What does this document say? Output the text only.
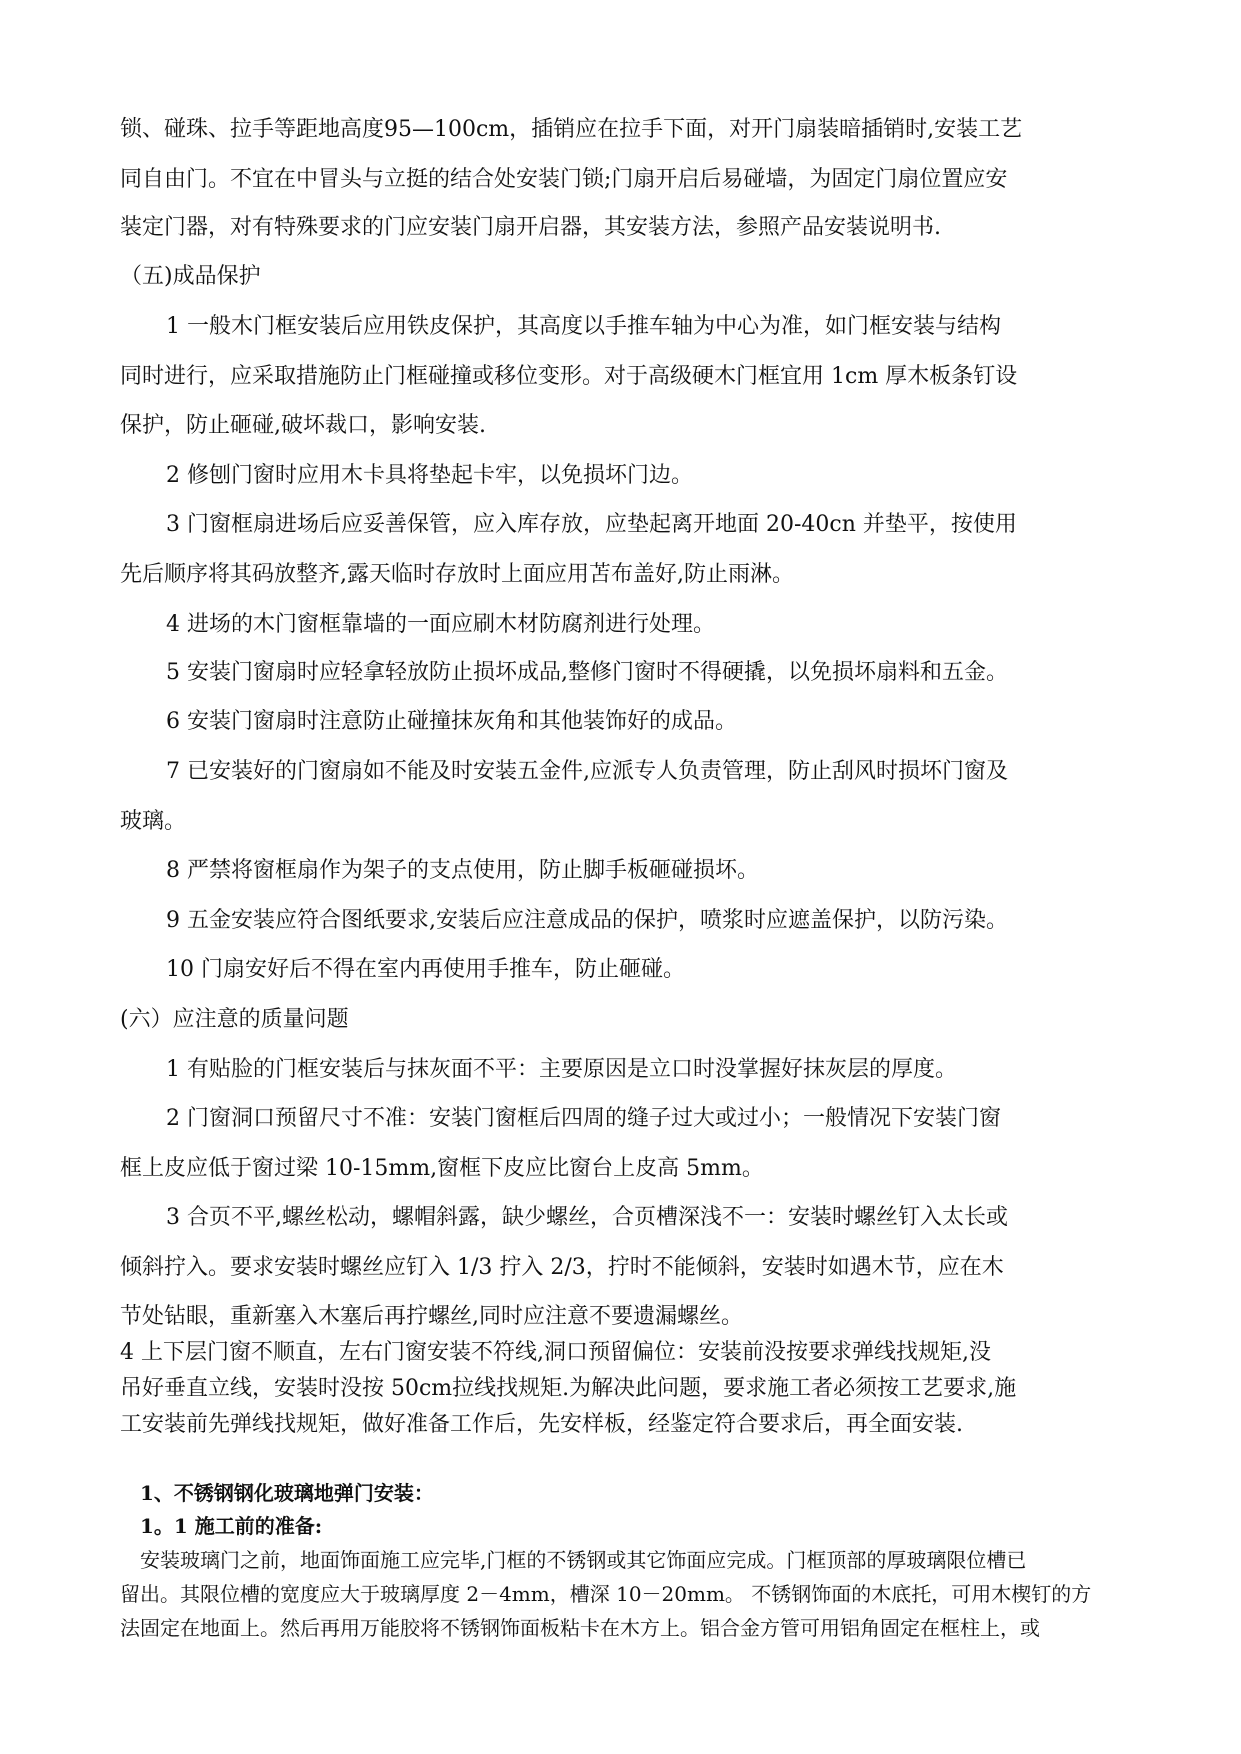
锁、碰珠、拉手等距地高度95—100cm，插销应在拉手下面，对开门扇装暗插销时,安装工艺
同自由门。不宜在中冒头与立挺的结合处安装门锁;门扇开启后易碰墙，为固定门扇位置应安
装定门器，对有特殊要求的门应安装门扇开启器，其安装方法，参照产品安装说明书.
（五)成品保护
1 一般木门框安装后应用铁皮保护，其高度以手推车轴为中心为准，如门框安装与结构
同时进行，应采取措施防止门框碰撞或移位变形。对于高级硬木门框宜用 1cm 厚木板条钉设
保护，防止砸碰,破坏裁口，影响安装.
2 修刨门窗时应用木卡具将垫起卡牢，以免损坏门边。
3 门窗框扇进场后应妥善保管，应入库存放，应垫起离开地面 20-40cn 并垫平，按使用
先后顺序将其码放整齐,露天临时存放时上面应用苫布盖好,防止雨淋。
4 进场的木门窗框靠墙的一面应刷木材防腐剂进行处理。
5 安装门窗扇时应轻拿轻放防止损坏成品,整修门窗时不得硬撬，以免损坏扇料和五金。
6 安装门窗扇时注意防止碰撞抹灰角和其他装饰好的成品。
7 已安装好的门窗扇如不能及时安装五金件,应派专人负责管理，防止刮风时损坏门窗及
玻璃。
8 严禁将窗框扇作为架子的支点使用，防止脚手板砸碰损坏。
9 五金安装应符合图纸要求,安装后应注意成品的保护，喷浆时应遮盖保护，以防污染。
10 门扇安好后不得在室内再使用手推车，防止砸碰。
(六）应注意的质量问题
1 有贴脸的门框安装后与抹灰面不平：主要原因是立口时没掌握好抹灰层的厚度。
2 门窗洞口预留尺寸不准：安装门窗框后四周的缝子过大或过小；一般情况下安装门窗
框上皮应低于窗过梁 10-15mm,窗框下皮应比窗台上皮高 5mm。
3 合页不平,螺丝松动，螺帽斜露，缺少螺丝，合页槽深浅不一：安装时螺丝钉入太长或
倾斜拧入。要求安装时螺丝应钉入 1/3 拧入 2/3，拧时不能倾斜，安装时如遇木节，应在木
节处钻眼，重新塞入木塞后再拧螺丝,同时应注意不要遗漏螺丝。
4 上下层门窗不顺直，左右门窗安装不符线,洞口预留偏位：安装前没按要求弹线找规矩,没
吊好垂直立线，安装时没按 50cm拉线找规矩.为解决此问题，要求施工者必须按工艺要求,施
工安装前先弹线找规矩，做好准备工作后，先安样板，经鉴定符合要求后，再全面安装.
1、不锈钢钢化玻璃地弹门安装：
1。1 施工前的准备:
安装玻璃门之前，地面饰面施工应完毕,门框的不锈钢或其它饰面应完成。门框顶部的厚玻璃限位槽已
留出。其限位槽的宽度应大于玻璃厚度 2－4mm，槽深 10－20mm。 不锈钢饰面的木底托，可用木楔钉的方
法固定在地面上。然后再用万能胶将不锈钢饰面板粘卡在木方上。铝合金方管可用铝角固定在框柱上，或
